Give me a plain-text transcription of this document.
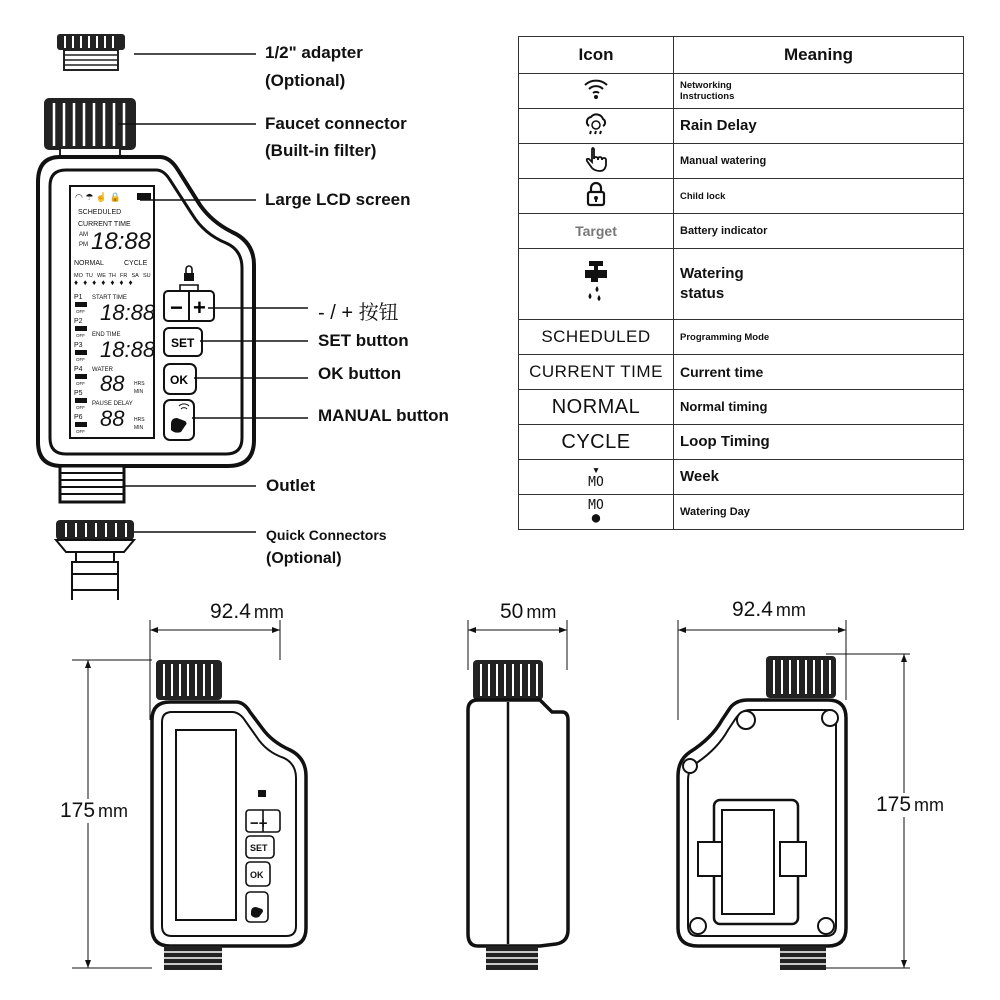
◠ ☂ ☝ 🔒
SCHEDULED
CURRENT TIME
AM
PM 18:88
NORMAL	CYCLE
MO TU WE TH FR SA SU
♦♦♦♦♦♦♦
P1
OFF
P2
OFF
P3
OFF
P4
OFF
P5
OFF
P6
OFF
START TIME
18:88
END TIME
18:88
WATER
88 HRS
MIN
PAUSE DELAY
88 HRS
MIN
− +
SET
OK
1/2" adapter
(Optional)
Faucet connector
(Built-in filter)
Large LCD screen
- / + 按钮
SET button
OK button
MANUAL button
Outlet
Quick Connectors
(Optional)
Icon	Meaning

Networking
Instructions

Rain Delay

Manual watering

Child lock

Target	Battery indicator

Watering
status

SCHEDULED	Programming Mode

CURRENT TIME	Current time

NORMAL	Normal timing

CYCLE	Loop Timing

▾
MO	Week

MO
●	Watering Day
−+
SET
OK
92.4 mm	50 mm	92.4 mm
175 mm	175 mm
